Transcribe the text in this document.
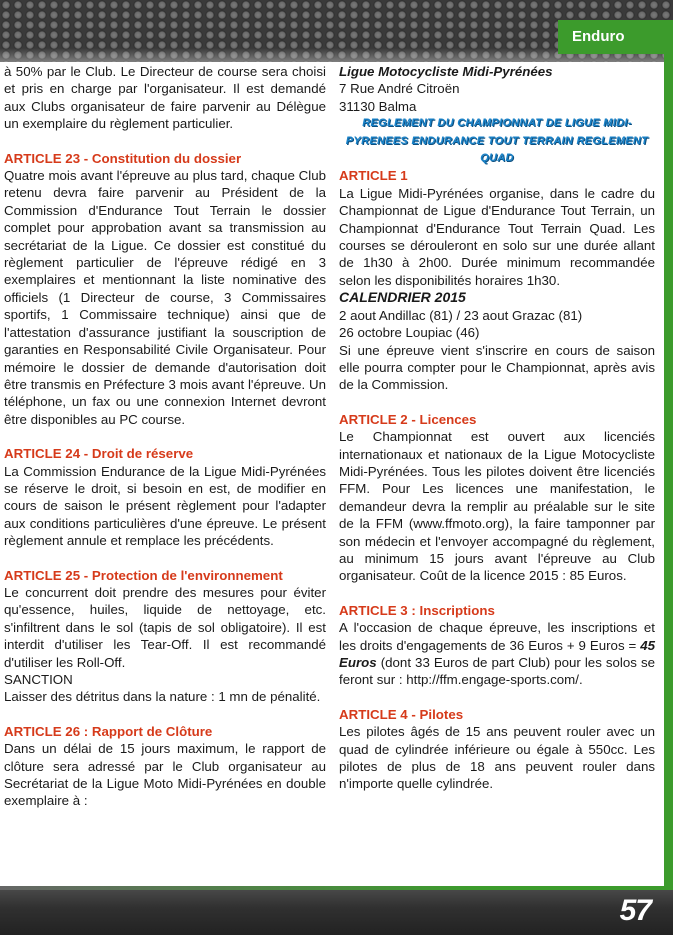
Enduro

à 50% par le Club. Le Directeur de course sera choisi et pris en charge par l'organisateur. Il est demandé aux Clubs organisateur de faire parvenir au Délègue un exemplaire du règlement particulier.

ARTICLE 23 - Constitution du dossier

Quatre mois avant l'épreuve au plus tard, chaque Club retenu devra faire parvenir au Président de la Commission d'Endurance Tout Terrain le dossier complet pour approbation avant sa transmission au secrétariat de la Ligue. Ce dossier est constitué du règlement particulier de l'épreuve rédigé en 3 exemplaires et mentionnant la liste nominative des officiels (1 Directeur de course, 3 Commissaires sportifs, 1 Commissaire technique) ainsi que de l'attestation d'assurance justifiant la souscription de garanties en Responsabilité Civile Organisateur. Pour mémoire le dossier de demande d'autorisation doit être transmis en Préfecture 3 mois avant l'épreuve. Un téléphone, un fax ou une connexion Internet devront être disponibles au PC course.

ARTICLE 24 - Droit de réserve

La Commission Endurance de la Ligue Midi-Pyrénées se réserve le droit, si besoin en est, de modifier en cours de saison le présent règlement pour l'adapter aux conditions particulières d'une épreuve. Le présent règlement annule et remplace les précédents.

ARTICLE 25 - Protection de l'environnement

Le concurrent doit prendre des mesures pour éviter qu'essence, huiles, liquide de nettoyage, etc. s'infiltrent dans le sol (tapis de sol obligatoire). Il est interdit d'utiliser les Tear-Off. Il est recommandé d'utiliser les Roll-Off.

SANCTION

Laisser des détritus dans la nature : 1 mn de pénalité.

ARTICLE 26 : Rapport de Clôture

Dans un délai de 15 jours maximum, le rapport de clôture sera adressé par le Club organisateur au Secrétariat de la Ligue Moto Midi-Pyrénées en double exemplaire à :

Ligue Motocycliste Midi-Pyrénées

7 Rue André Citroën

31130 Balma

REGLEMENT DU CHAMPIONNAT DE LIGUE MIDI-PYRENEES ENDURANCE TOUT TERRAIN REGLEMENT QUAD

ARTICLE 1

La Ligue Midi-Pyrénées organise, dans le cadre du Championnat de Ligue d'Endurance Tout Terrain, un Championnat d'Endurance Tout Terrain Quad. Les courses se dérouleront en solo sur une durée allant de 1h30 à 2h00. Durée minimum recommandée selon les disponibilités horaires 1h30.

CALENDRIER 2015

2 aout Andillac (81) / 23 aout Grazac (81)

26 octobre Loupiac (46)

Si une épreuve vient s'inscrire en cours de saison elle pourra compter pour le Championnat, après avis de la Commission.

ARTICLE 2 - Licences

Le Championnat est ouvert aux licenciés internationaux et nationaux de la Ligue Motocycliste Midi-Pyrénées. Tous les pilotes doivent être licenciés FFM. Pour Les licences une manifestation, le demandeur devra la remplir au préalable sur le site de la FFM (www.ffmoto.org), la faire tamponner par son médecin et l'envoyer accompagné du règlement, au minimum 15 jours avant l'épreuve au Club organisateur. Coût de la licence 2015 : 85 Euros.

ARTICLE 3 : Inscriptions

A l'occasion de chaque épreuve, les inscriptions et les droits d'engagements de 36 Euros + 9 Euros = 45 Euros (dont 33 Euros de part Club) pour les solos se feront sur : http://ffm.engage-sports.com/.

ARTICLE 4 - Pilotes

Les pilotes âgés de 15 ans peuvent rouler avec un quad de cylindrée inférieure ou égale à 550cc. Les pilotes de plus de 18 ans peuvent rouler dans n'importe quelle cylindrée.

57
